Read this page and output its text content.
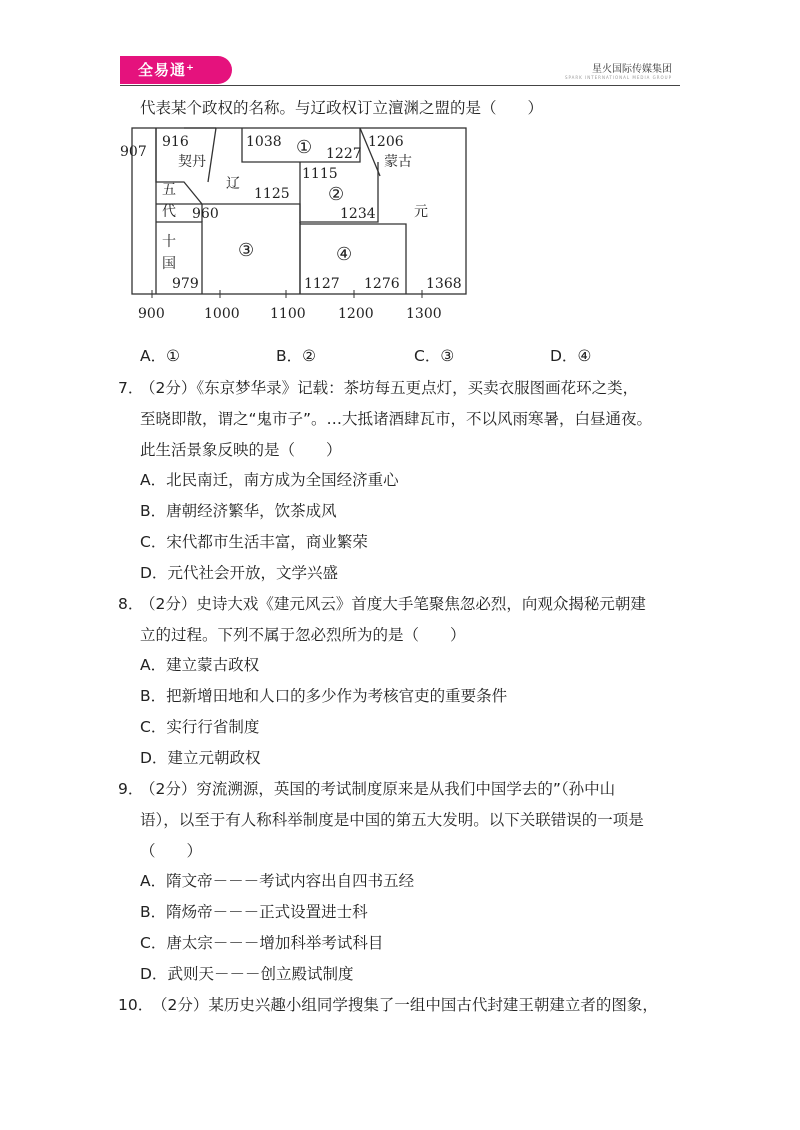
全易通⁺	星火国际传媒集团
SPARK INTERNATIONAL MEDIA GROUP
代表某个政权的名称。与辽政权订立澶渊之盟的是（　　）
900	1000 1100 1200 1300
907
916
契丹
五
代
十
国
979
960
辽
1125
1038 ① 1227
1115
②
1234
1206
蒙古
元
③	④
1127 1276 1368
A．①	B．②	C．③	D．④
7．
（2分）《东京梦华录》记载：茶坊每五更点灯，买卖衣服图画花环之类，
至晓即散，谓之“鬼市子”。…大抵诸酒肆瓦市，不以风雨寒暑，白昼通夜。
此生活景象反映的是（　　）
A．北民南迁，南方成为全国经济重心
B．唐朝经济繁华，饮茶成风
C．宋代都市生活丰富，商业繁荣
D．元代社会开放，文学兴盛
8．
（2分）史诗大戏《建元风云》首度大手笔聚焦忽必烈，向观众揭秘元朝建
立的过程。下列不属于忽必烈所为的是（　　）
A．建立蒙古政权
B．把新增田地和人口的多少作为考核官吏的重要条件
C．实行行省制度
D．建立元朝政权
9．
（2分）穷流溯源，英国的考试制度原来是从我们中国学去的”（孙中山
语），以至于有人称科举制度是中国的第五大发明。以下关联错误的一项是
（　　）
A．隋文帝－－－考试内容出自四书五经
B．隋炀帝－－－正式设置进士科
C．唐太宗－－－增加科举考试科目
D．武则天－－－创立殿试制度
10．
（2分）某历史兴趣小组同学搜集了一组中国古代封建王朝建立者的图象，
